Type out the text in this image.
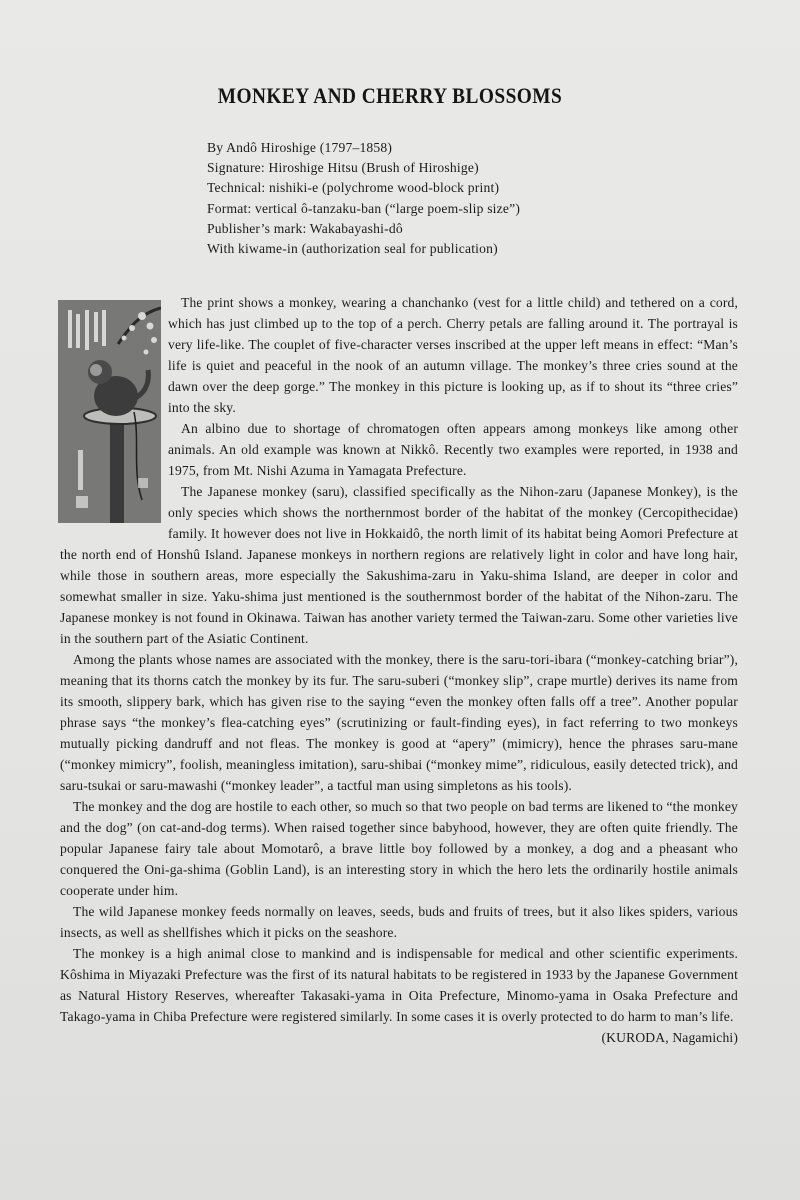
MONKEY AND CHERRY BLOSSOMS
By Andô Hiroshige (1797–1858)
Signature: Hiroshige Hitsu (Brush of Hiroshige)
Technical: nishiki-e (polychrome wood-block print)
Format: vertical ô-tanzaku-ban (“large poem-slip size”)
Publisher’s mark: Wakabayashi-dô
With kiwame-in (authorization seal for publication)

The print shows a monkey, wearing a chanchanko (vest for a little child) and tethered on a cord, which has just climbed up to the top of a perch. Cherry petals are falling around it. The portrayal is very life-like. The couplet of five-character verses inscribed at the upper left means in effect: “Man’s life is quiet and peaceful in the nook of an autumn village. The monkey’s three cries sound at the dawn over the deep gorge.” The monkey in this picture is looking up, as if to shout its “three cries” into the sky.

An albino due to shortage of chromatogen often appears among monkeys like among other animals. An old example was known at Nikkô. Recently two examples were reported, in 1938 and 1975, from Mt. Nishi Azuma in Yamagata Prefecture.

The Japanese monkey (saru), classified specifically as the Nihon-zaru (Japanese Monkey), is the only species which shows the northernmost border of the habitat of the monkey (Cercopithecidae) family. It however does not live in Hokkaidô, the north limit of its habitat being Aomori Prefecture at the north end of Honshû Island. Japanese monkeys in northern regions are relatively light in color and have long hair, while those in southern areas, more especially the Sakushima-zaru in Yaku-shima Island, are deeper in color and somewhat smaller in size. Yaku-shima just mentioned is the southernmost border of the habitat of the Nihon-zaru. The Japanese monkey is not found in Okinawa. Taiwan has another variety termed the Taiwan-zaru. Some other varieties live in the southern part of the Asiatic Continent.

Among the plants whose names are associated with the monkey, there is the saru-tori-ibara (“monkey-catching briar”), meaning that its thorns catch the monkey by its fur. The saru-suberi (“monkey slip”, crape murtle) derives its name from its smooth, slippery bark, which has given rise to the saying “even the monkey often falls off a tree”. Another popular phrase says “the monkey’s flea-catching eyes” (scrutinizing or fault-finding eyes), in fact referring to two monkeys mutually picking dandruff and not fleas. The monkey is good at “apery” (mimicry), hence the phrases saru-mane (“monkey mimicry”, foolish, meaningless imitation), saru-shibai (“monkey mime”, ridiculous, easily detected trick), and saru-tsukai or saru-mawashi (“monkey leader”, a tactful man using simpletons as his tools).

The monkey and the dog are hostile to each other, so much so that two people on bad terms are likened to “the monkey and the dog” (on cat-and-dog terms). When raised together since babyhood, however, they are often quite friendly. The popular Japanese fairy tale about Momotarô, a brave little boy followed by a monkey, a dog and a pheasant who conquered the Oni-ga-shima (Goblin Land), is an interesting story in which the hero lets the ordinarily hostile animals cooperate under him.

The wild Japanese monkey feeds normally on leaves, seeds, buds and fruits of trees, but it also likes spiders, various insects, as well as shellfishes which it picks on the seashore.

The monkey is a high animal close to mankind and is indispensable for medical and other scientific experiments. Kôshima in Miyazaki Prefecture was the first of its natural habitats to be registered in 1933 by the Japanese Government as Natural History Reserves, whereafter Takasaki-yama in Oita Prefecture, Minomo-yama in Osaka Prefecture and Takago-yama in Chiba Prefecture were registered similarly. In some cases it is overly protected to do harm to man’s life.
(KURODA, Nagamichi)
